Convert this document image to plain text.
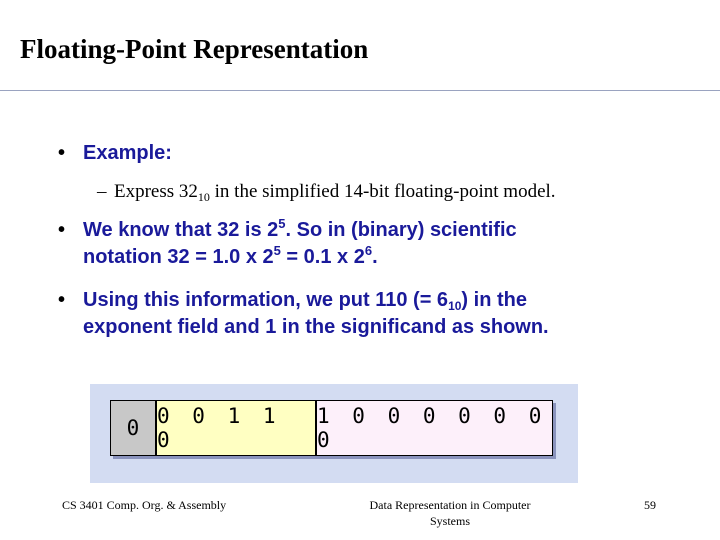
Floating-Point Representation
• Example:
– Express $32_{10}$ in the simplified 14-bit floating-point model.
• We know that 32 is $2^5$. So in (binary) scientific
notation 32 = 1.0 x $2^5 = 0.1$ x $2^6$.
• Using this information, we put 110 (= $6_{10}$) in the
exponent field and 1 in the significand as shown.
0 0 0 1 1 0
1 0 0 0 0 0 0 0
CS 3401 Comp. Org. & Assembly	Data Representation in Computer
Systems
59
